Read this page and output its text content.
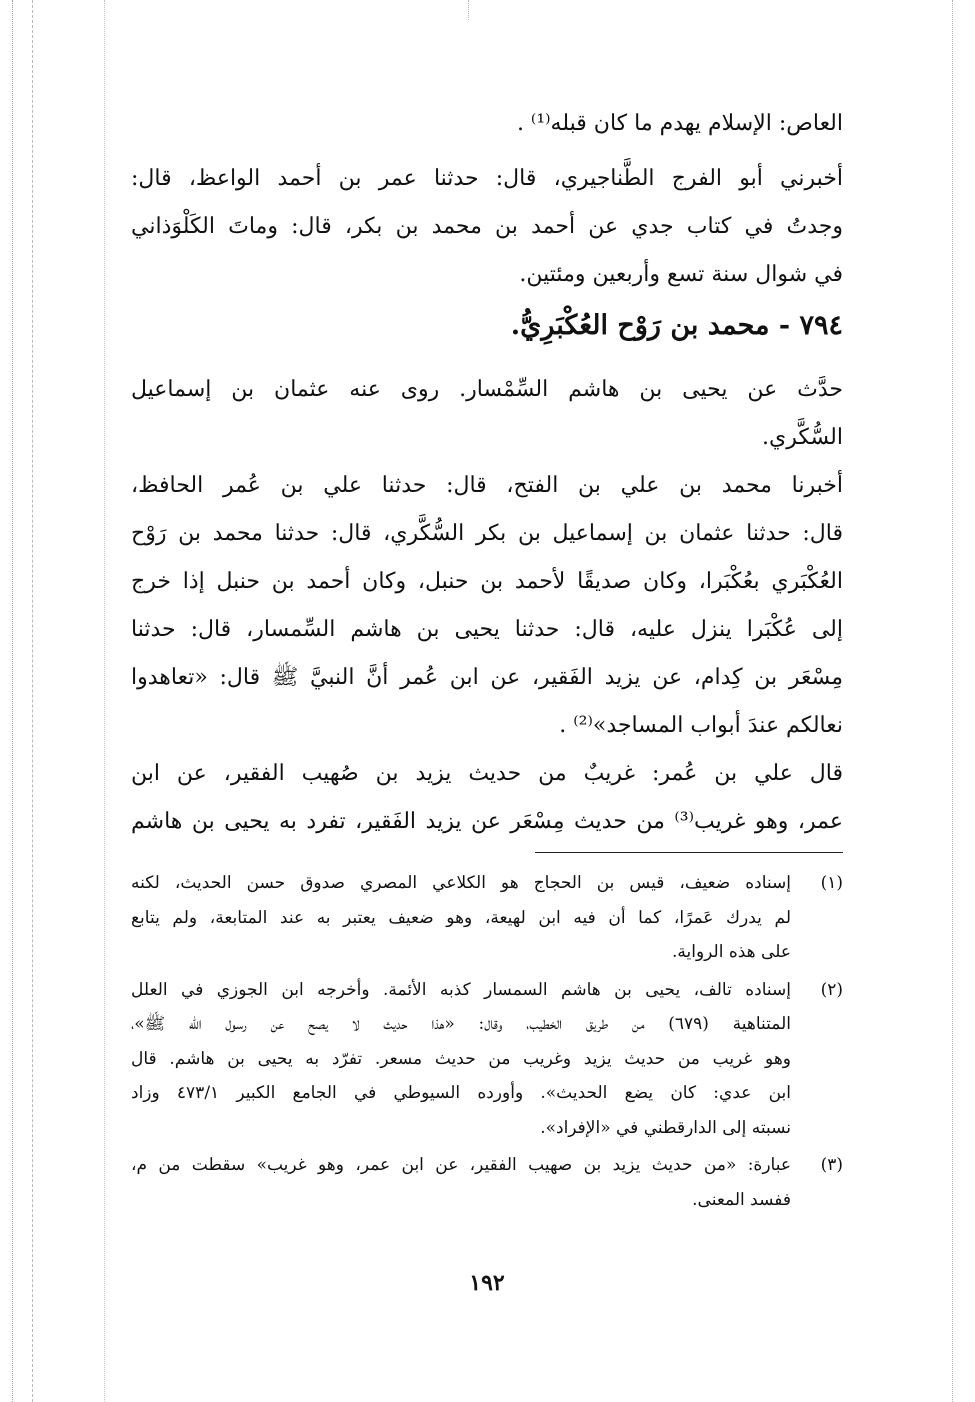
العاص: الإسلام يهدم ما كان قبله⁽¹⁾ .
أخبرني أبو الفرج الطَّناجيري، قال: حدثنا عمر بن أحمد الواعظ، قال:
وجدتُ في كتاب جدي عن أحمد بن محمد بن بكر، قال: وماتَ الكَلْوَذاني
في شوال سنة تسع وأربعين ومئتين.
٧٩٤ - محمد بن رَوْح العُكْبَرِيُّ.
حدَّث عن يحيى بن هاشم السِّمْسار. روى عنه عثمان بن إسماعيل
السُّكَّري.
أخبرنا محمد بن علي بن الفتح، قال: حدثنا علي بن عُمر الحافظ،
قال: حدثنا عثمان بن إسماعيل بن بكر السُّكَّري، قال: حدثنا محمد بن رَوْح
العُكْبَري بعُكْبَرا، وكان صديقًا لأحمد بن حنبل، وكان أحمد بن حنبل إذا خرج
إلى عُكْبَرا ينزل عليه، قال: حدثنا يحيى بن هاشم السِّمسار، قال: حدثنا
مِسْعَر بن كِدام، عن يزيد الفَقير، عن ابن عُمر أنَّ النبيَّ ﷺ قال: «تعاهدوا
نعالكم عندَ أبواب المساجد»⁽²⁾ .
قال علي بن عُمر: غريبٌ من حديث يزيد بن صُهيب الفقير، عن ابن
عمر، وهو غريب⁽³⁾ من حديث مِسْعَر عن يزيد الفَقير، تفرد به يحيى بن هاشم
(١)
إسناده ضعيف، قيس بن الحجاج هو الكلاعي المصري صدوق حسن الحديث، لكنه
لم يدرك عَمرًا، كما أن فيه ابن لهيعة، وهو ضعيف يعتبر به عند المتابعة، ولم يتابع
على هذه الرواية.
(٢)
إسناده تالف، يحيى بن هاشم السمسار كذبه الأئمة. وأخرجه ابن الجوزي في العلل
المتناهية (٦٧٩) من طريق الخطيب، وقال: «هذا حديث لا يصح عن رسول الله ﷺ»،
وهو غريب من حديث يزيد وغريب من حديث مسعر. تفرّد به يحيى بن هاشم. قال
ابن عدي: كان يضع الحديث». وأورده السيوطي في الجامع الكبير ٤٧٣/١ وزاد
نسبته إلى الدارقطني في «الإفراد».
(٣)
عبارة: «من حديث يزيد بن صهيب الفقير، عن ابن عمر، وهو غريب» سقطت من م،
ففسد المعنى.
١٩٢
